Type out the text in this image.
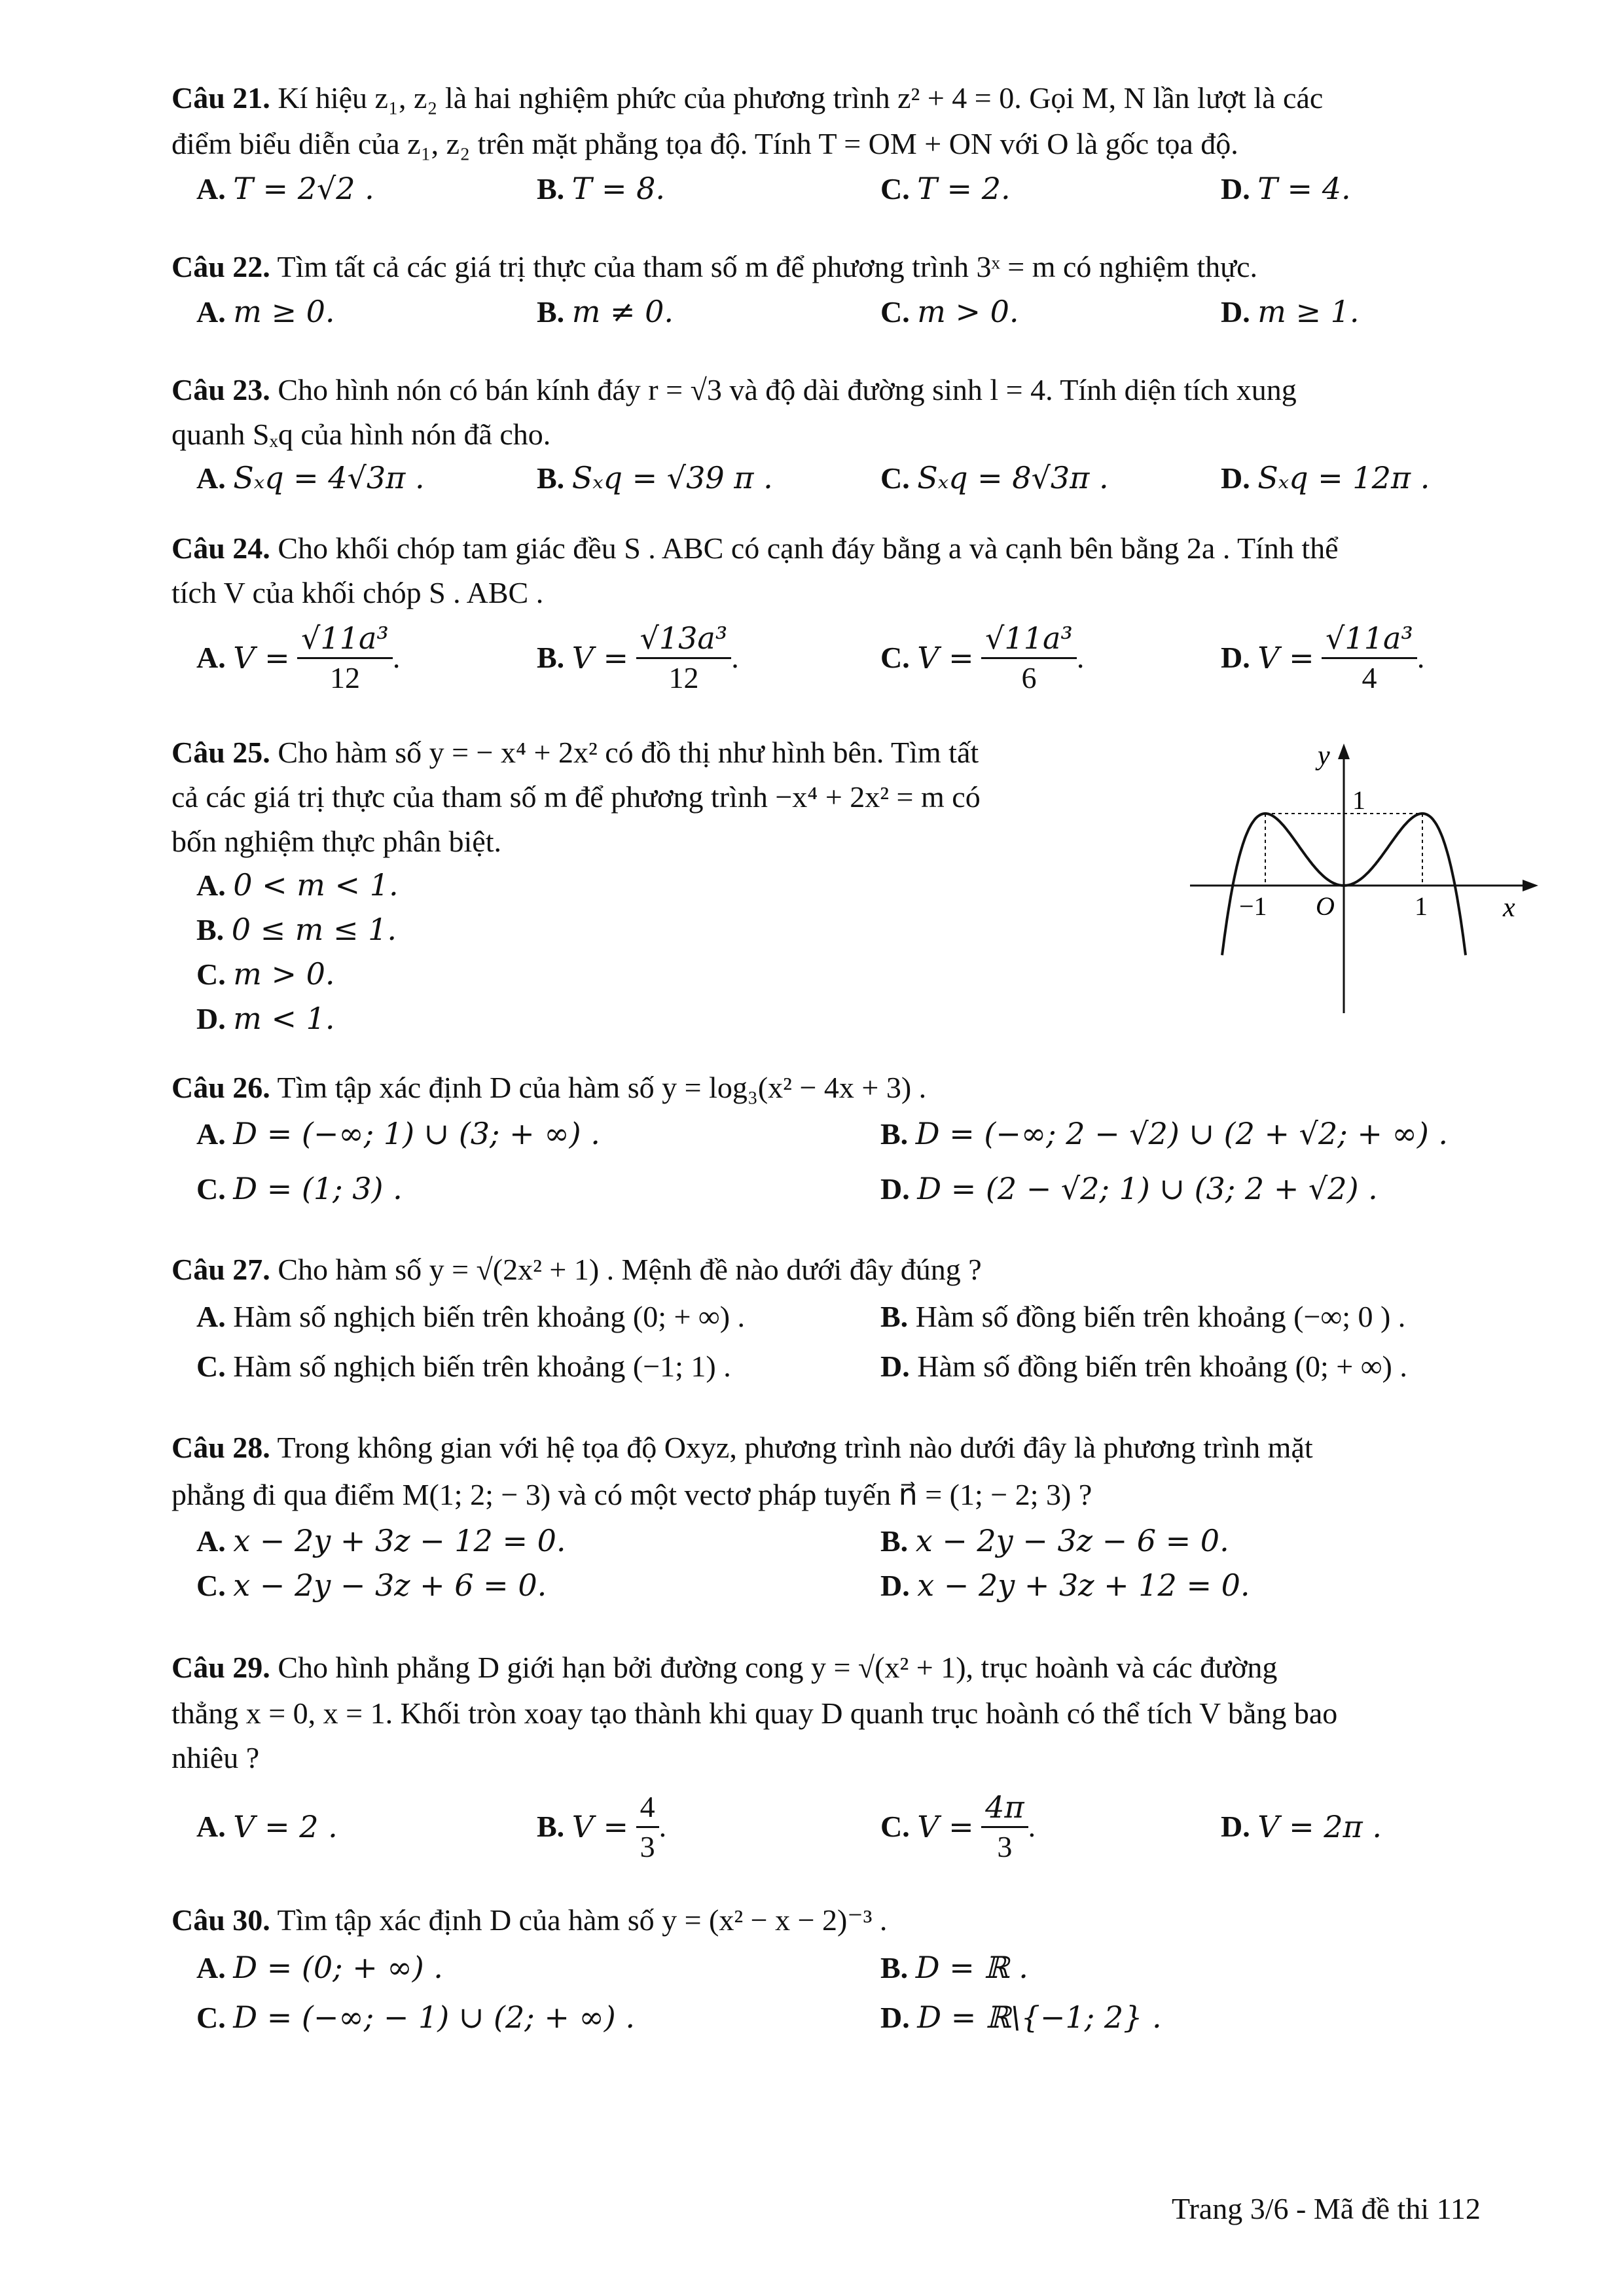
Câu 21. Kí hiệu z₁, z₂ là hai nghiệm phức của phương trình z² + 4 = 0. Gọi M, N lần lượt là các
điểm biểu diễn của z₁, z₂ trên mặt phẳng tọa độ. Tính T = OM + ON với O là gốc tọa độ.
A. T = 2√2 .	B. T = 8.	C. T = 2.	D. T = 4.
Câu 22. Tìm tất cả các giá trị thực của tham số m để phương trình 3ˣ = m có nghiệm thực.
A. m ≥ 0.	B. m ≠ 0.	C. m > 0.	D. m ≥ 1.
Câu 23. Cho hình nón có bán kính đáy r = √3 và độ dài đường sinh l = 4. Tính diện tích xung
quanh Sₓq của hình nón đã cho.
A. Sₓq = 4√3π .	B. Sₓq = √39 π .	C. Sₓq = 8√3π .	D. Sₓq = 12π .
Câu 24. Cho khối chóp tam giác đều S . ABC có cạnh đáy bằng a và cạnh bên bằng 2a . Tính thể
tích V của khối chóp S . ABC .
A.
V =
$\frac{\text{√11a³}}{12}$ .	B.
V =
$\frac{\text{√13a³}}{12}$ .	C.
V =
$\frac{\text{√11a³}}{6}$ .	D.
V =
$\frac{\text{√11a³}}{4}$ .
Câu 25. Cho hàm số y = − x⁴ + 2x² có đồ thị như hình bên. Tìm tất
cả các giá trị thực của tham số m để phương trình −x⁴ + 2x² = m có
bốn nghiệm thực phân biệt.
A. 0 < m < 1.
B. 0 ≤ m ≤ 1.
C. m > 0.
D. m < 1.
y
1
−1 O	1	x
Câu 26. Tìm tập xác định D của hàm số y = log₃(x² − 4x + 3) .
A. D = (−∞; 1) ∪ (3; + ∞) .	B. D = (−∞; 2 − √2) ∪ (2 + √2; + ∞) .
C. D = (1; 3) .	D. D = (2 − √2; 1) ∪ (3; 2 + √2) .
Câu 27. Cho hàm số y = √(2x² + 1) . Mệnh đề nào dưới đây đúng ?
A. Hàm số nghịch biến trên khoảng (0; + ∞) .	B. Hàm số đồng biến trên khoảng (−∞; 0 ) .
C. Hàm số nghịch biến trên khoảng (−1; 1) .	D. Hàm số đồng biến trên khoảng (0; + ∞) .
Câu 28. Trong không gian với hệ tọa độ Oxyz, phương trình nào dưới đây là phương trình mặt
phẳng đi qua điểm M(1; 2; − 3) và có một vectơ pháp tuyến n⃗ = (1; − 2; 3) ?
A. x − 2y + 3z − 12 = 0.	B. x − 2y − 3z − 6 = 0.
C. x − 2y − 3z + 6 = 0.	D. x − 2y + 3z + 12 = 0.
Câu 29. Cho hình phẳng D giới hạn bởi đường cong y = √(x² + 1), trục hoành và các đường
thẳng x = 0, x = 1. Khối tròn xoay tạo thành khi quay D quanh trục hoành có thể tích V bằng bao
nhiêu ?
A.
V = 2 .	B.
V =
$\frac{4}{3}$ .	C.
V =
$\frac{4\pi}{3}$ .	D.
V = 2π .
Câu 30. Tìm tập xác định D của hàm số y = (x² − x − 2)⁻³ .
A. D = (0; + ∞) .	B. D = ℝ .
C. D = (−∞; − 1) ∪ (2; + ∞) .	D. D = ℝ\{−1; 2} .
Trang 3/6 - Mã đề thi 112
